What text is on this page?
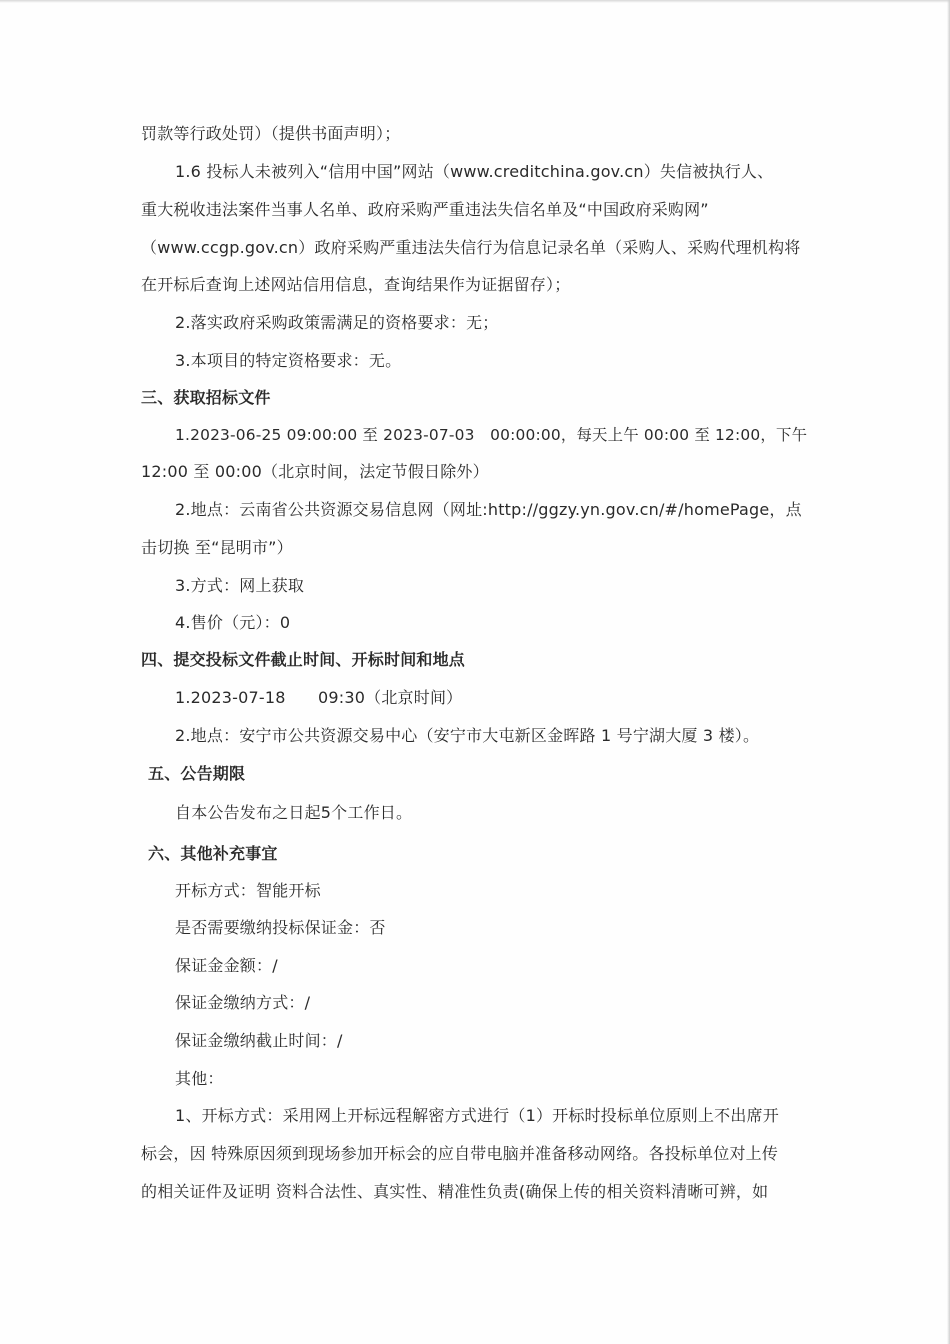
罚款等行政处罚）（提供书面声明）；
1.6 投标人未被列入“信用中国”网站（www.creditchina.gov.cn）失信被执行人、
重大税收违法案件当事人名单、政府采购严重违法失信名单及“中国政府采购网”
（www.ccgp.gov.cn）政府采购严重违法失信行为信息记录名单（采购人、采购代理机构将
在开标后查询上述网站信用信息，查询结果作为证据留存）；
2.落实政府采购政策需满足的资格要求：无；
3.本项目的特定资格要求：无。
三、获取招标文件
1.2023-06-25 09:00:00 至 2023-07-03　00:00:00，每天上午 00:00 至 12:00，下午
12:00 至 00:00（北京时间，法定节假日除外）
2.地点：云南省公共资源交易信息网（网址:http://ggzy.yn.gov.cn/#/homePage，点
击切换 至“昆明市”）
3.方式：网上获取
4.售价（元）：0
四、提交投标文件截止时间、开标时间和地点
1.2023-07-18　　09:30（北京时间）
2.地点：安宁市公共资源交易中心（安宁市大屯新区金晖路 1 号宁湖大厦 3 楼）。
五、公告期限
自本公告发布之日起5个工作日。
六、其他补充事宜
开标方式：智能开标
是否需要缴纳投标保证金：否
保证金金额：/
保证金缴纳方式：/
保证金缴纳截止时间：/
其他：
1、开标方式：采用网上开标远程解密方式进行（1）开标时投标单位原则上不出席开
标会，因 特殊原因须到现场参加开标会的应自带电脑并准备移动网络。各投标单位对上传
的相关证件及证明 资料合法性、真实性、精准性负责(确保上传的相关资料清晰可辨，如
